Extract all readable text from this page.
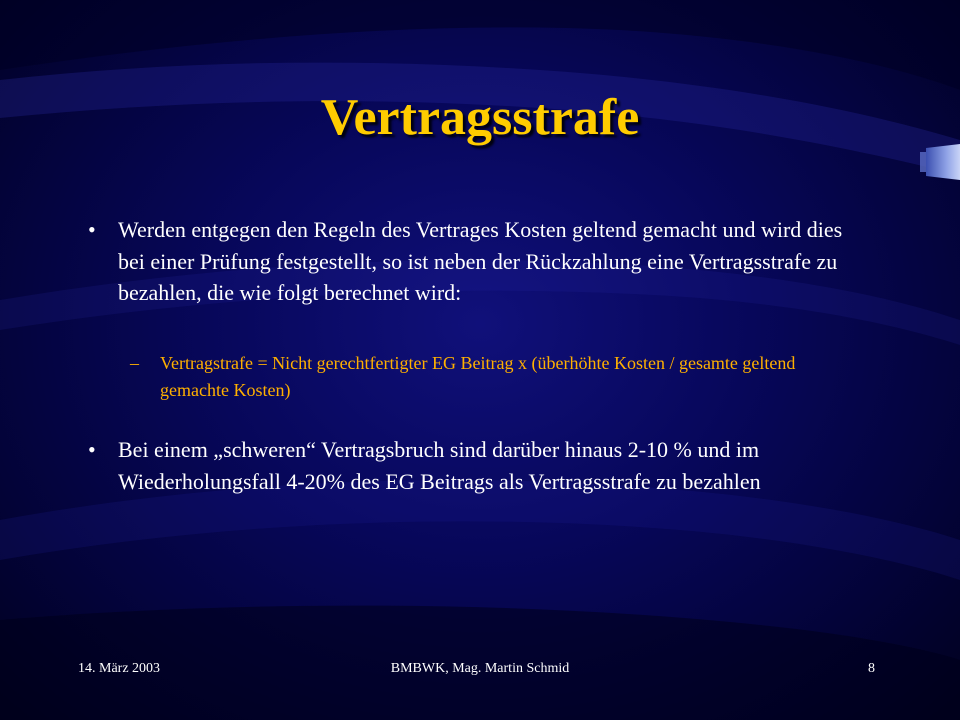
Vertragsstrafe
• Werden entgegen den Regeln des Vertrages Kosten geltend gemacht und wird dies bei einer Prüfung festgestellt, so ist neben der Rückzahlung eine Vertragsstrafe zu bezahlen, die wie folgt berechnet wird:
– Vertragstrafe = Nicht gerechtfertigter EG Beitrag x (überhöhte Kosten / gesamte geltend gemachte Kosten)
• Bei einem „schweren“ Vertragsbruch sind darüber hinaus 2-10 % und im Wiederholungsfall 4-20% des EG Beitrags als Vertragsstrafe zu bezahlen
14. März 2003	BMBWK, Mag. Martin Schmid	8
